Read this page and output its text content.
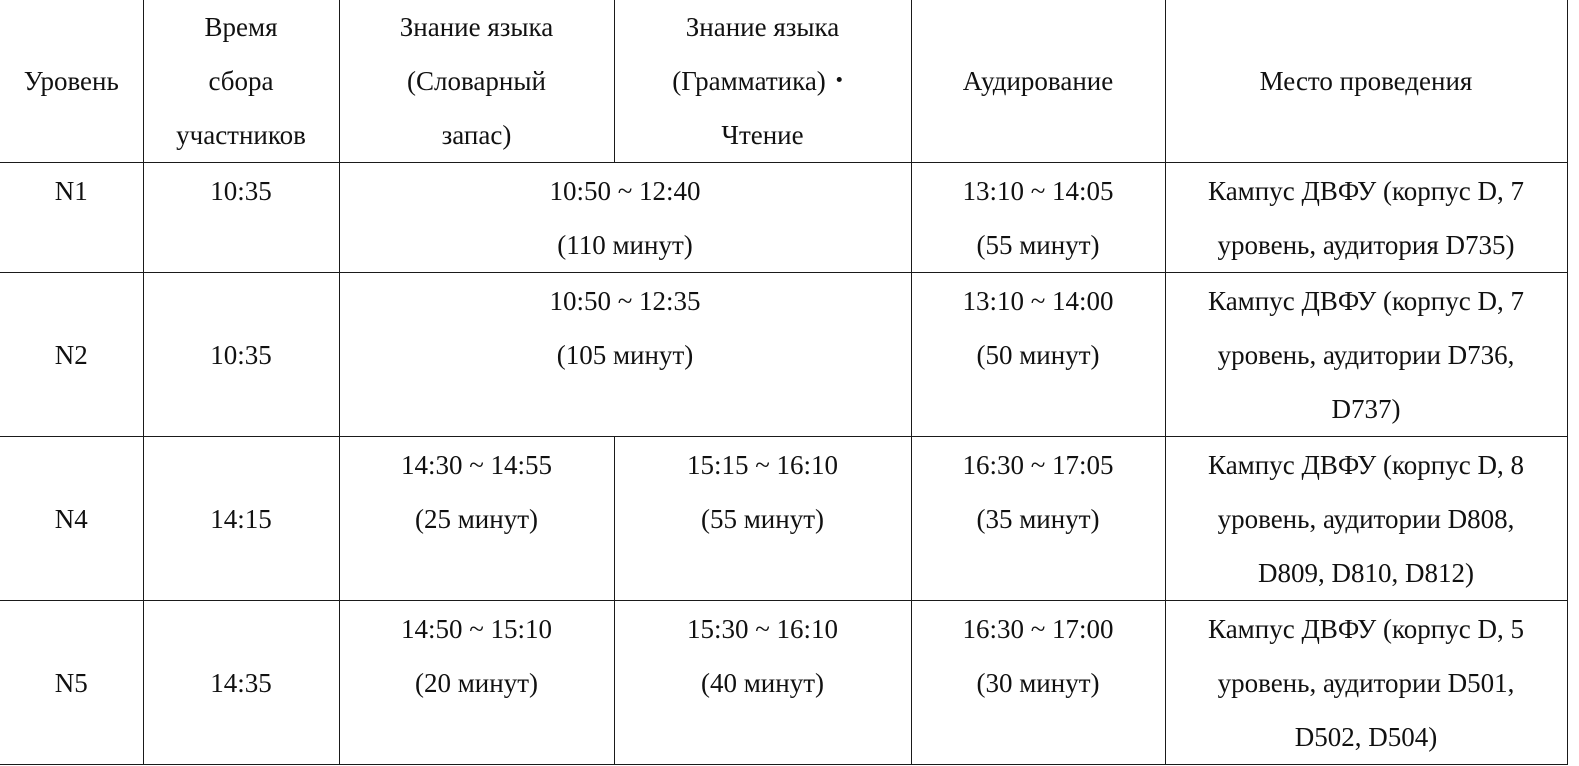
Уровень	Время
сбора
участников	Знание языка
(Словарный
запас)	Знание языка
(Грамматика)・
Чтение	Аудирование	Место проведения

N1	10:35	10:50 ~ 12:40
(110 минут)		13:10 ~ 14:05
(55 минут)	Кампус ДВФУ (корпус D, 7
уровень, аудитория D735)

N2	10:35	10:50 ~ 12:35
(105 минут)		13:10 ~ 14:00
(50 минут)	Кампус ДВФУ (корпус D, 7
уровень, аудитории D736,
D737)

N4	14:15	14:30 ~ 14:55
(25 минут)	15:15 ~ 16:10
(55 минут)	16:30 ~ 17:05
(35 минут)	Кампус ДВФУ (корпус D, 8
уровень, аудитории D808,
D809, D810, D812)

N5	14:35	14:50 ~ 15:10
(20 минут)	15:30 ~ 16:10
(40 минут)	16:30 ~ 17:00
(30 минут)	Кампус ДВФУ (корпус D, 5
уровень, аудитории D501,
D502, D504)
